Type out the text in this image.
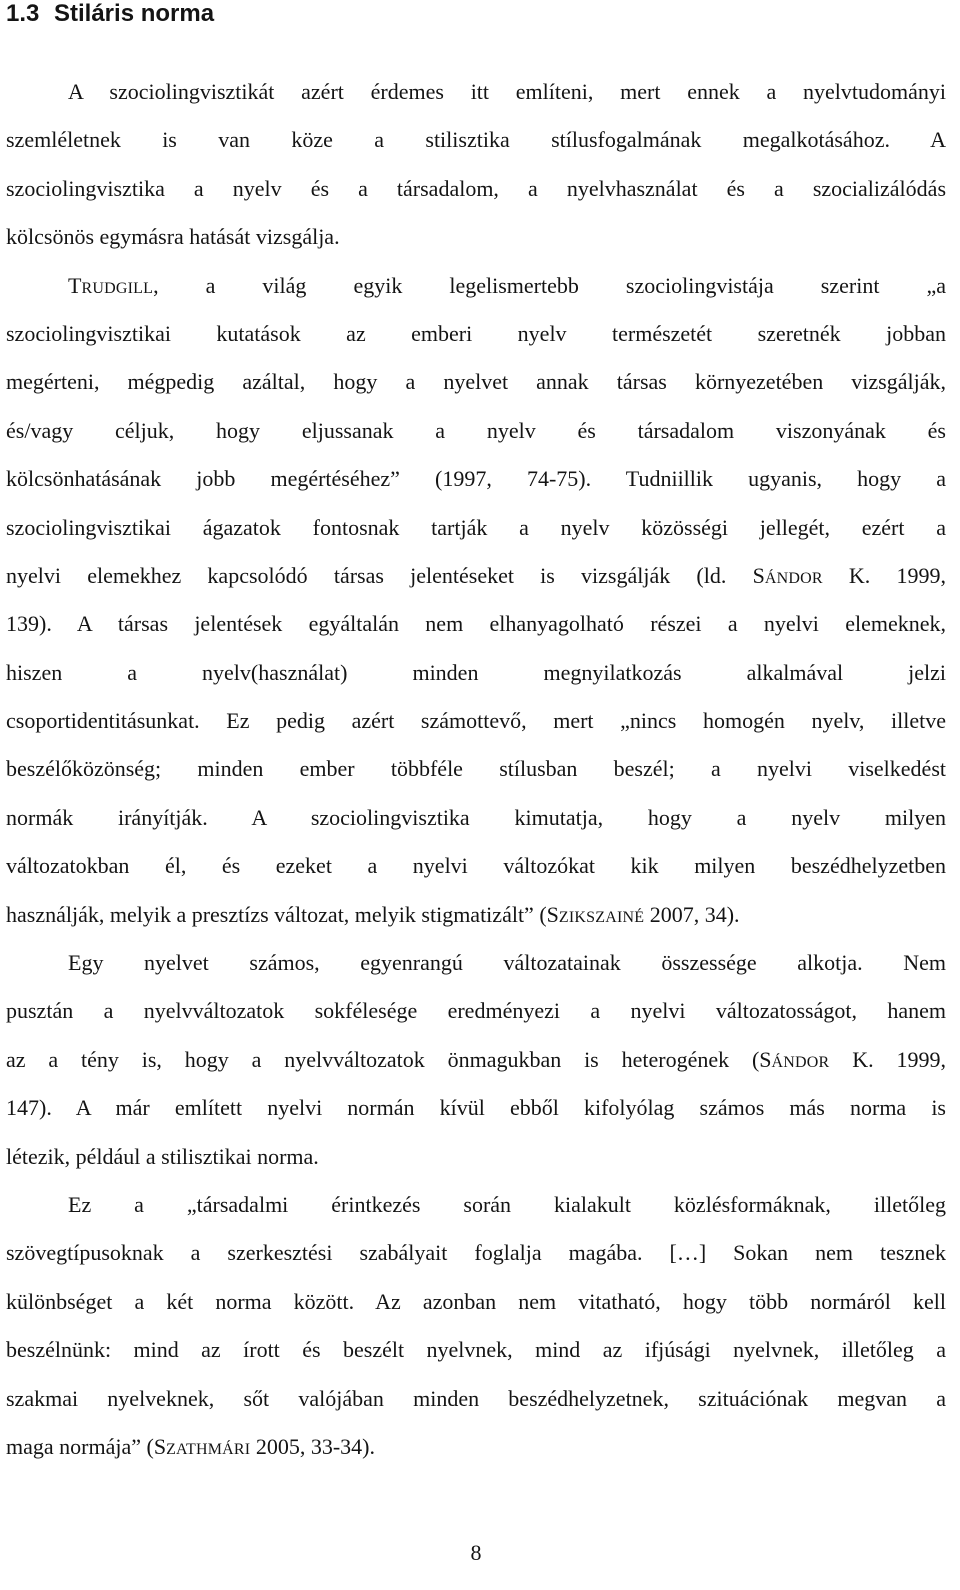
1.3 Stiláris norma
A szociolingvisztikát azért érdemes itt említeni, mert ennek a nyelvtudományi
szemléletnek is van köze a stilisztika stílusfogalmának megalkotásához. A
szociolingvisztika a nyelv és a társadalom, a nyelvhasználat és a szocializálódás
kölcsönös egymásra hatását vizsgálja.
TRUDGILL, a világ egyik legelismertebb szociolingvistája szerint „a
szociolingvisztikai kutatások az emberi nyelv természetét szeretnék jobban
megérteni, mégpedig azáltal, hogy a nyelvet annak társas környezetében vizsgálják,
és/vagy céljuk, hogy eljussanak a nyelv és társadalom viszonyának és
kölcsönhatásának jobb megértéséhez” (1997, 74-75). Tudniillik ugyanis, hogy a
szociolingvisztikai ágazatok fontosnak tartják a nyelv közösségi jellegét, ezért a
nyelvi elemekhez kapcsolódó társas jelentéseket is vizsgálják (ld. SÁNDOR K. 1999,
139). A társas jelentések egyáltalán nem elhanyagolható részei a nyelvi elemeknek,
hiszen a nyelv(használat) minden megnyilatkozás alkalmával jelzi
csoportidentitásunkat. Ez pedig azért számottevő, mert „nincs homogén nyelv, illetve
beszélőközönség; minden ember többféle stílusban beszél; a nyelvi viselkedést
normák irányítják. A szociolingvisztika kimutatja, hogy a nyelv milyen
változatokban él, és ezeket a nyelvi változókat kik milyen beszédhelyzetben
használják, melyik a presztízs változat, melyik stigmatizált” (SZIKSZAINÉ 2007, 34).
Egy nyelvet számos, egyenrangú változatainak összessége alkotja. Nem
pusztán a nyelvváltozatok sokfélesége eredményezi a nyelvi változatosságot, hanem
az a tény is, hogy a nyelvváltozatok önmagukban is heterogének (SÁNDOR K. 1999,
147). A már említett nyelvi normán kívül ebből kifolyólag számos más norma is
létezik, például a stilisztikai norma.
Ez a „társadalmi érintkezés során kialakult közlésformáknak, illetőleg
szövegtípusoknak a szerkesztési szabályait foglalja magába. […] Sokan nem tesznek
különbséget a két norma között. Az azonban nem vitatható, hogy több normáról kell
beszélnünk: mind az írott és beszélt nyelvnek, mind az ifjúsági nyelvnek, illetőleg a
szakmai nyelveknek, sőt valójában minden beszédhelyzetnek, szituációnak megvan a
maga normája” (SZATHMÁRI 2005, 33-34).
8
